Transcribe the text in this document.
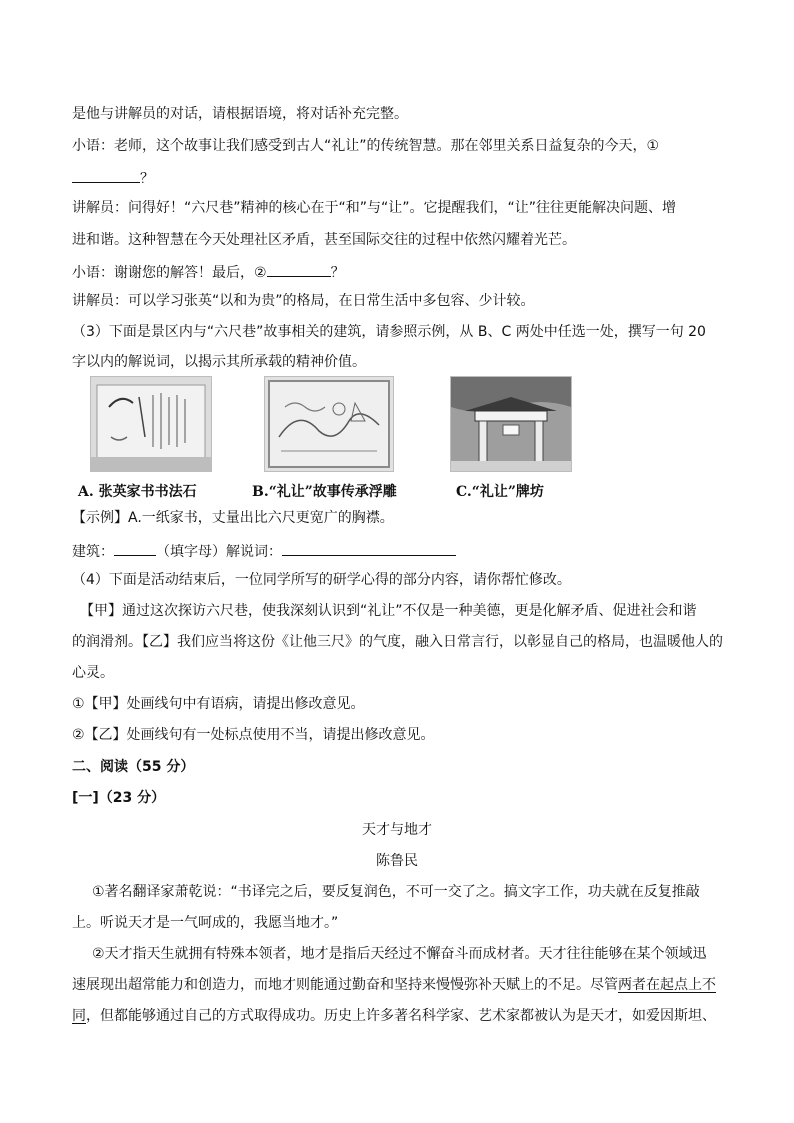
是他与讲解员的对话，请根据语境，将对话补充完整。
小语：老师，这个故事让我们感受到古人“礼让”的传统智慧。那在邻里关系日益复杂的今天，①
？
讲解员：问得好！“六尺巷”精神的核心在于“和”与“让”。它提醒我们，“让”往往更能解决问题、增
进和谐。这种智慧在今天处理社区矛盾，甚至国际交往的过程中依然闪耀着光芒。
小语：谢谢您的解答！最后，②	？
讲解员：可以学习张英“以和为贵”的格局，在日常生活中多包容、少计较。
（3）下面是景区内与“六尺巷”故事相关的建筑，请参照示例，从 B、C 两处中任选一处，撰写一句 20
字以内的解说词，以揭示其所承载的精神价值。
A. 张英家书书法石	B.“礼让”故事传承浮雕	C.“礼让”牌坊
【示例】A.一纸家书，丈量出比六尺更宽广的胸襟。
建筑：	（填字母）解说词：
（4）下面是活动结束后，一位同学所写的研学心得的部分内容，请你帮忙修改。
【甲】通过这次探访六尺巷，使我深刻认识到“礼让”不仅是一种美德，更是化解矛盾、促进社会和谐
的润滑剂。【乙】我们应当将这份《让他三尺》的气度，融入日常言行，以彰显自己的格局，也温暖他人的
心灵。
①【甲】处画线句中有语病，请提出修改意见。
②【乙】处画线句有一处标点使用不当，请提出修改意见。
二、阅读（55 分）
[一]（23 分）
天才与地才
陈鲁民
①著名翻译家萧乾说：“书译完之后，要反复润色，不可一交了之。搞文字工作，功夫就在反复推敲
上。听说天才是一气呵成的，我愿当地才。”
②天才指天生就拥有特殊本领者，地才是指后天经过不懈奋斗而成材者。天才往往能够在某个领域迅
速展现出超常能力和创造力，而地才则能通过勤奋和坚持来慢慢弥补天赋上的不足。尽管两者在起点上不
同，但都能够通过自己的方式取得成功。历史上许多著名科学家、艺术家都被认为是天才，如爱因斯坦、
